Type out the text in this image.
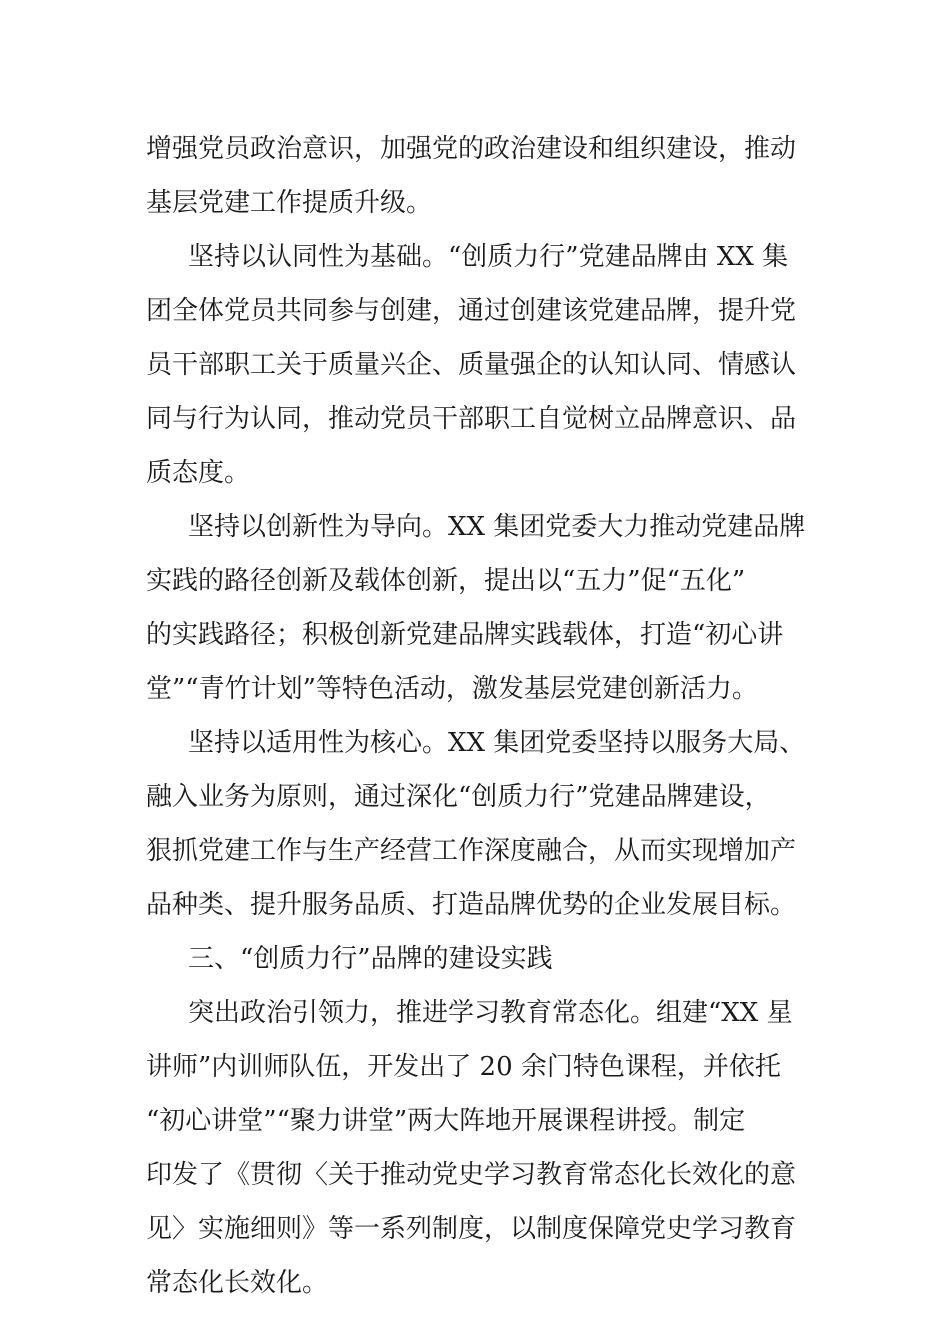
增强党员政治意识，加强党的政治建设和组织建设，推动
基层党建工作提质升级。

坚持以认同性为基础。“创质力行”党建品牌由 XX 集
团全体党员共同参与创建，通过创建该党建品牌，提升党
员干部职工关于质量兴企、质量强企的认知认同、情感认
同与行为认同，推动党员干部职工自觉树立品牌意识、品
质态度。

坚持以创新性为导向。XX 集团党委大力推动党建品牌
实践的路径创新及载体创新，提出以“五力”促“五化”
的实践路径；积极创新党建品牌实践载体，打造“初心讲
堂”“青竹计划”等特色活动，激发基层党建创新活力。

坚持以适用性为核心。XX 集团党委坚持以服务大局、
融入业务为原则，通过深化“创质力行”党建品牌建设，
狠抓党建工作与生产经营工作深度融合，从而实现增加产
品种类、提升服务品质、打造品牌优势的企业发展目标。

三、“创质力行”品牌的建设实践

突出政治引领力，推进学习教育常态化。组建“XX 星
讲师”内训师队伍，开发出了 20 余门特色课程，并依托
“初心讲堂”“聚力讲堂”两大阵地开展课程讲授。制定
印发了《贯彻〈关于推动党史学习教育常态化长效化的意
见〉实施细则》等一系列制度，以制度保障党史学习教育
常态化长效化。
